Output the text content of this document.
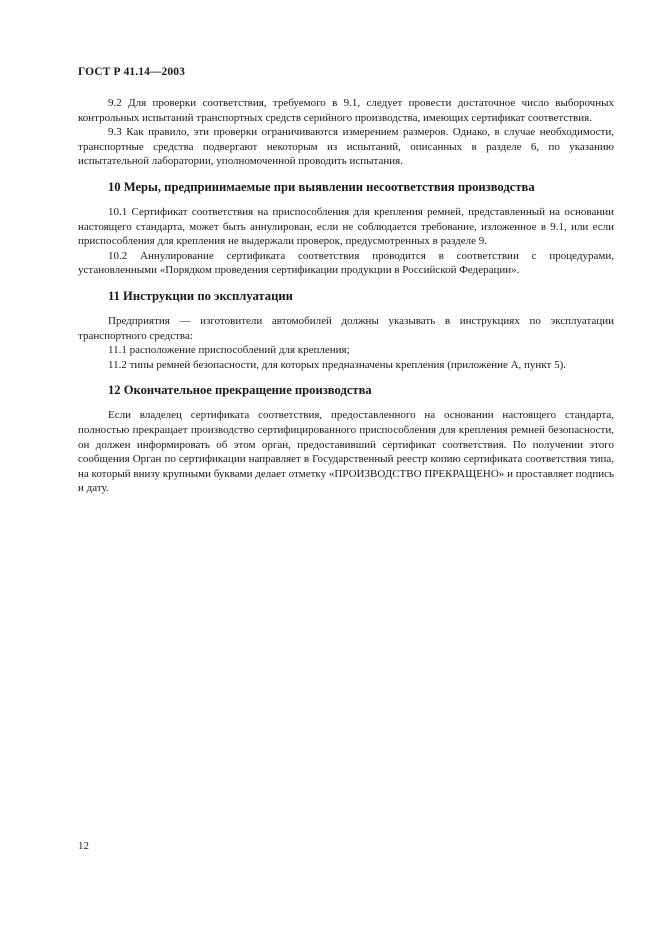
ГОСТ Р 41.14—2003

9.2 Для проверки соответствия, требуемого в 9.1, следует провести достаточное число выборочных контрольных испытаний транспортных средств серийного производства, имеющих сертификат соответствия.

9.3 Как правило, эти проверки ограничиваются измерением размеров. Однако, в случае необходимости, транспортные средства подвергают некоторым из испытаний, описанных в разделе 6, по указанию испытательной лаборатории, уполномоченной проводить испытания.

10 Меры, предпринимаемые при выявлении несоответствия производства

10.1 Сертификат соответствия на приспособления для крепления ремней, представленный на основании настоящего стандарта, может быть аннулирован, если не соблюдается требование, изложенное в 9.1, или если приспособления для крепления не выдержали проверок, предусмотренных в разделе 9.

10.2 Аннулирование сертификата соответствия проводится в соответствии с процедурами, установленными «Порядком проведения сертификации продукции в Российской Федерации».

11 Инструкции по эксплуатации

Предприятия — изготовители автомобилей должны указывать в инструкциях по эксплуатации транспортного средства:

11.1 расположение приспособлений для крепления;

11.2 типы ремней безопасности, для которых предназначены крепления (приложение А, пункт 5).

12 Окончательное прекращение производства

Если владелец сертификата соответствия, предоставленного на основании настоящего стандарта, полностью прекращает производство сертифицированного приспособления для крепления ремней безопасности, он должен информировать об этом орган, предоставивший сертификат соответствия. По получении этого сообщения Орган по сертификации направляет в Государственный реестр копию сертификата соответствия типа, на который внизу крупными буквами делает отметку «ПРОИЗВОДСТВО ПРЕКРАЩЕНО» и проставляет подпись и дату.

12
